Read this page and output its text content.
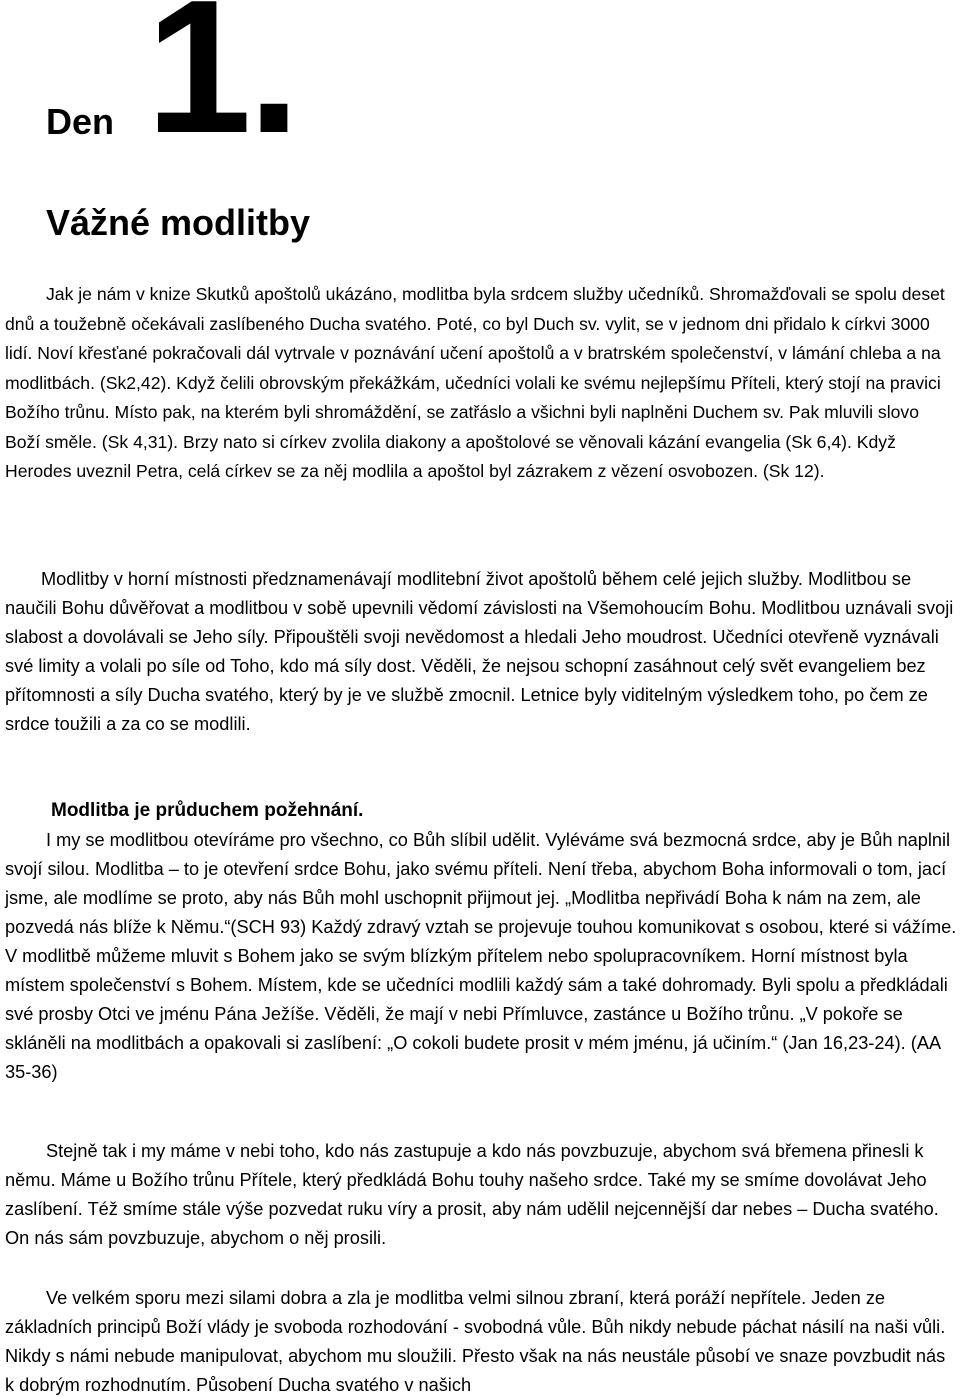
Den 1.
Vážné modlitby

Jak je nám v knize Skutků apoštolů ukázáno, modlitba byla srdcem služby učedníků. Shromažďovali se spolu deset dnů a toužebně očekávali zaslíbeného Ducha svatého. Poté, co byl Duch sv. vylit, se v jednom dni přidalo k církvi 3000 lidí. Noví křesťané pokračovali dál vytrvale v poznávání učení apoštolů a v bratrském společenství, v lámání chleba a na modlitbách. (Sk2,42). Když čelili obrovským překážkám, učedníci volali ke svému nejlepšímu Příteli, který stojí na pravici Božího trůnu. Místo pak, na kterém byli shromáždění, se zatřáslo a všichni byli naplněni Duchem sv. Pak mluvili slovo Boží směle. (Sk 4,31). Brzy nato si církev zvolila diakony a apoštolové se věnovali kázání evangelia (Sk 6,4). Když Herodes uveznil Petra, celá církev se za něj modlila a apoštol byl zázrakem z vězení osvobozen. (Sk 12).

Modlitby v horní místnosti předznamenávají modlitební život apoštolů během celé jejich služby. Modlitbou se naučili Bohu důvěřovat a modlitbou v sobě upevnili vědomí závislosti na Všemohoucím Bohu. Modlitbou uznávali svoji slabost a dovolávali se Jeho síly. Připouštěli svoji nevědomost a hledali Jeho moudrost. Učedníci otevřeně vyznávali své limity a volali po síle od Toho, kdo má síly dost. Věděli, že nejsou schopní zasáhnout celý svět evangeliem bez přítomnosti a síly Ducha svatého, který by je ve službě zmocnil. Letnice byly viditelným výsledkem toho, po čem ze srdce toužili a za co se modlili.

Modlitba je průduchem požehnání.

I my se modlitbou otevíráme pro všechno, co Bůh slíbil udělit. Vyléváme svá bezmocná srdce, aby je Bůh naplnil svojí silou. Modlitba – to je otevření srdce Bohu, jako svému příteli. Není třeba, abychom Boha informovali o tom, jací jsme, ale modlíme se proto, aby nás Bůh mohl uschopnit přijmout jej. „Modlitba nepřivádí Boha k nám na zem, ale pozvedá nás blíže k Němu.“(SCH 93) Každý zdravý vztah se projevuje touhou komunikovat s osobou, které si vážíme. V modlitbě můžeme mluvit s Bohem jako se svým blízkým přítelem nebo spolupracovníkem. Horní místnost byla místem společenství s Bohem. Místem, kde se učedníci modlili každý sám a také dohromady. Byli spolu a předkládali své prosby Otci ve jménu Pána Ježíše. Věděli, že mají v nebi Přímluvce, zastánce u Božího trůnu. „V pokoře se skláněli na modlitbách a opakovali si zaslíbení: „O cokoli budete prosit v mém jménu, já učiním.“ (Jan 16,23-24). (AA 35-36)

Stejně tak i my máme v nebi toho, kdo nás zastupuje a kdo nás povzbuzuje, abychom svá břemena přinesli k němu. Máme u Božího trůnu Přítele, který předkládá Bohu touhy našeho srdce. Také my se smíme dovolávat Jeho zaslíbení. Též smíme stále výše pozvedat ruku víry a prosit, aby nám udělil nejcennější dar nebes – Ducha svatého. On nás sám povzbuzuje, abychom o něj prosili.

Ve velkém sporu mezi silami dobra a zla je modlitba velmi silnou zbraní, která poráží nepřítele. Jeden ze základních principů Boží vlády je svoboda rozhodování - svobodná vůle. Bůh nikdy nebude páchat násilí na naši vůli. Nikdy s námi nebude manipulovat, abychom mu sloužili. Přesto však na nás neustále působí ve snaze povzbudit nás k dobrým rozhodnutím. Působení Ducha svatého v našich
